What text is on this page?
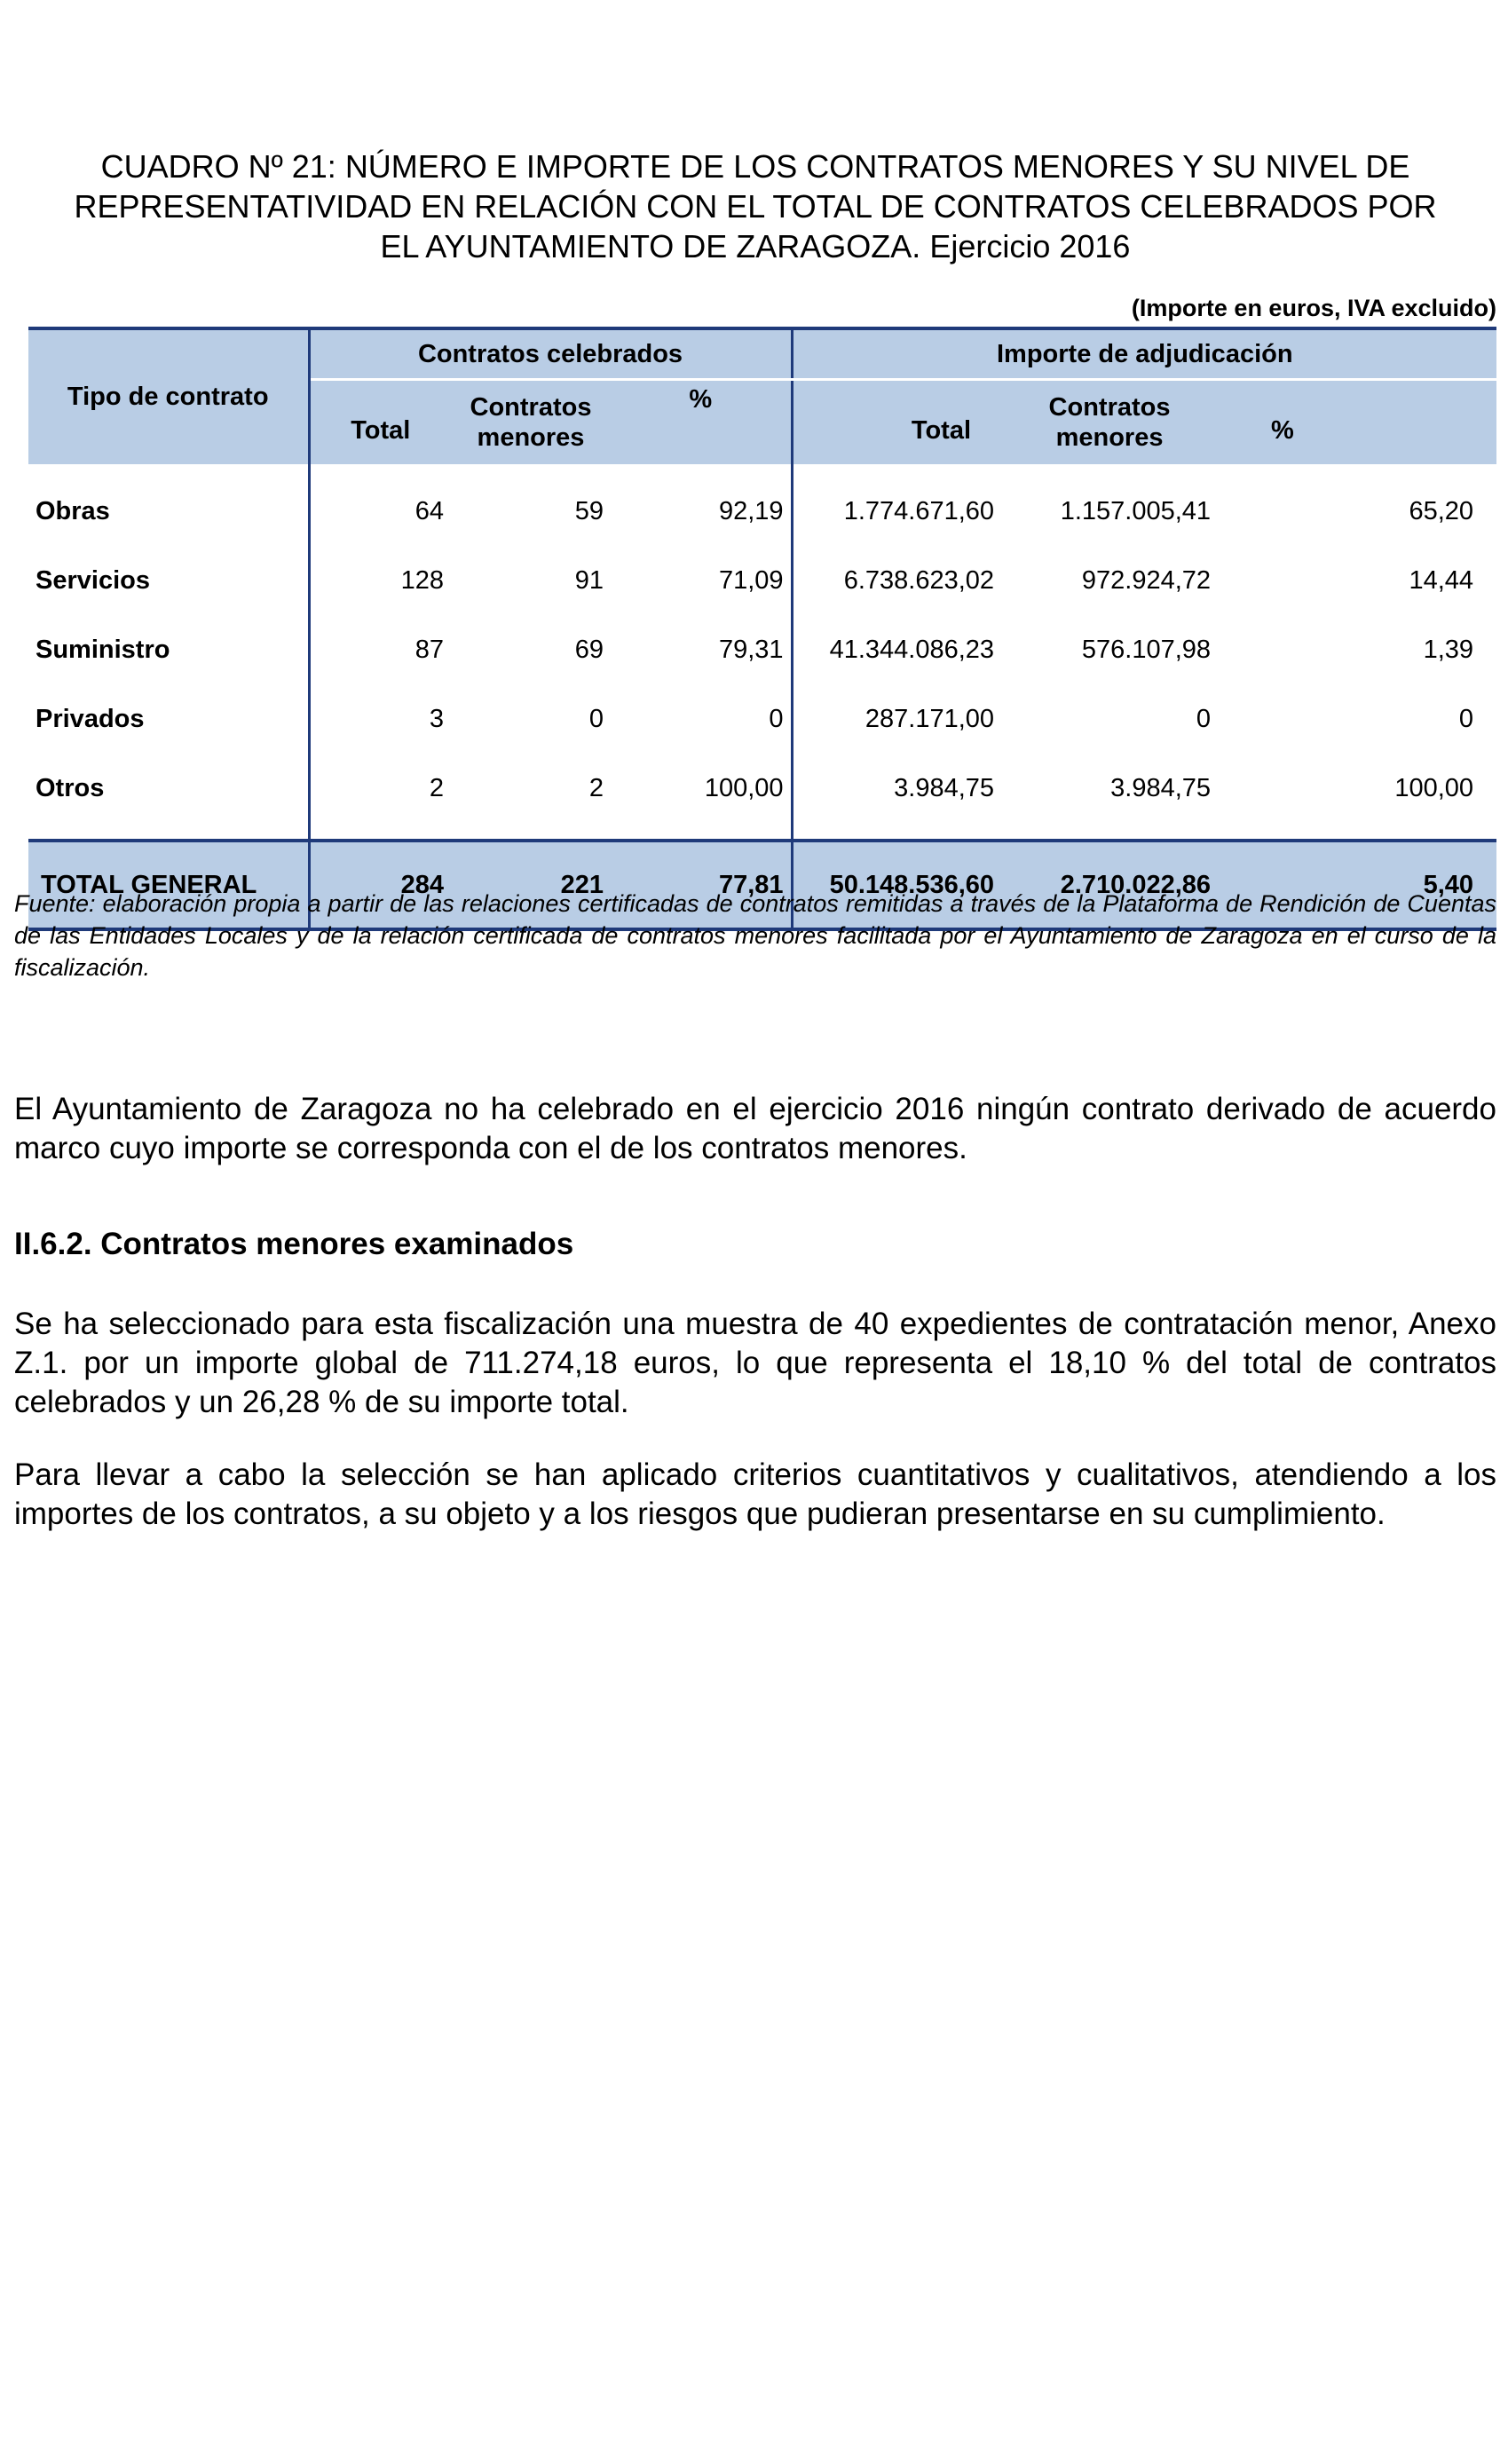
CUADRO Nº 21: NÚMERO E IMPORTE DE LOS CONTRATOS MENORES Y SU NIVEL DE
REPRESENTATIVIDAD EN RELACIÓN CON EL TOTAL DE CONTRATOS CELEBRADOS POR
EL AYUNTAMIENTO DE ZARAGOZA. Ejercicio 2016
(Importe en euros, IVA excluido)
Tipo de contrato	Contratos celebrados			Importe de adjudicación		
	Total	Contratos menores	%	Total	Contratos menores	%

Obras	64	59	92,19	1.774.671,60	1.157.005,41	65,20
Servicios	128	91	71,09	6.738.623,02	972.924,72	14,44
Suministro	87	69	79,31	41.344.086,23	576.107,98	1,39
Privados	3	0	0	287.171,00	0	0
Otros	2	2	100,00	3.984,75	3.984,75	100,00

TOTAL GENERAL	284	221	77,81	50.148.536,60	2.710.022,86	5,40
Fuente: elaboración propia a partir de las relaciones certificadas de contratos remitidas a través de la Plataforma de Rendición de Cuentas de las Entidades Locales y de la relación certificada de contratos menores facilitada por el Ayuntamiento de Zaragoza en el curso de la fiscalización.
El Ayuntamiento de Zaragoza no ha celebrado en el ejercicio 2016 ningún contrato derivado de acuerdo marco cuyo importe se corresponda con el de los contratos menores.
II.6.2. Contratos menores examinados
Se ha seleccionado para esta fiscalización una muestra de 40 expedientes de contratación menor, Anexo Z.1. por un importe global de 711.274,18 euros, lo que representa el 18,10 % del total de contratos celebrados y un 26,28 % de su importe total.
Para llevar a cabo la selección se han aplicado criterios cuantitativos y cualitativos, atendiendo a los importes de los contratos, a su objeto y a los riesgos que pudieran presentarse en su cumplimiento.
